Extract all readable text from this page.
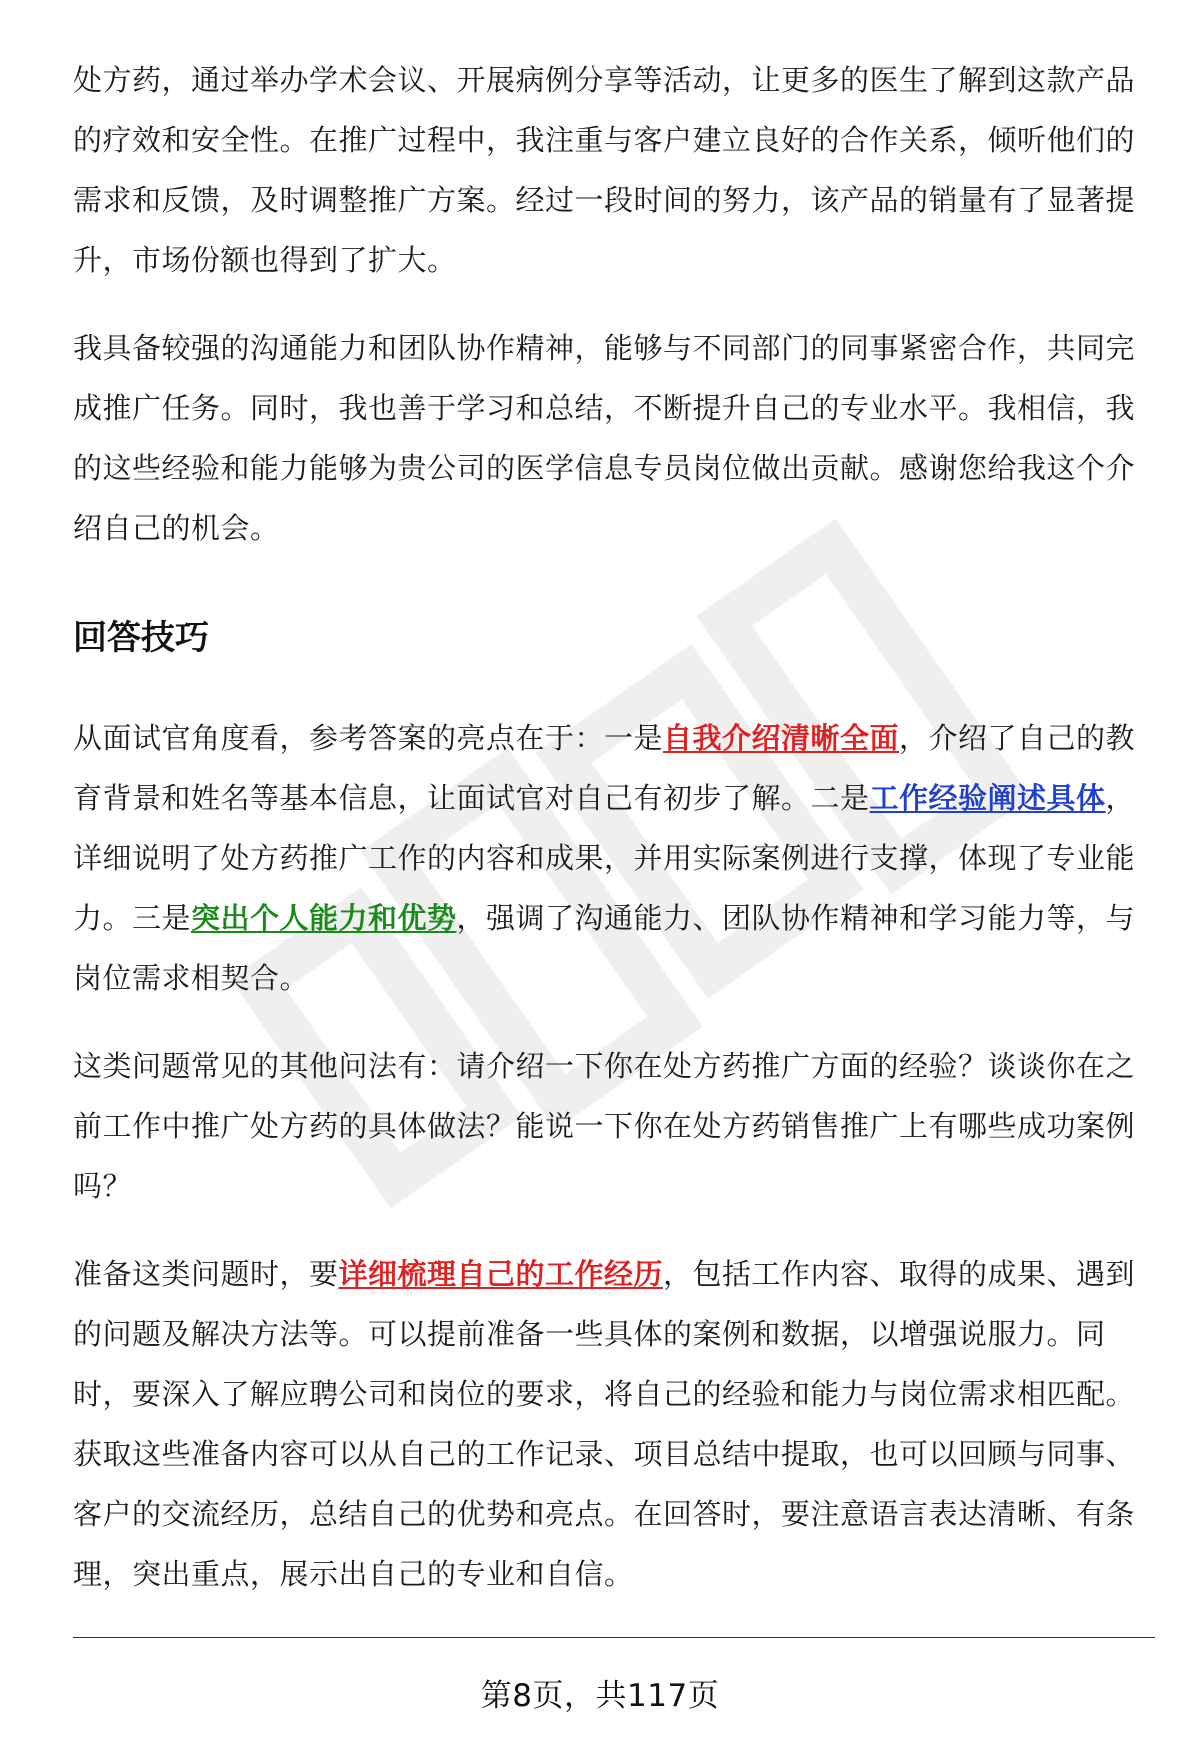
处方药，通过举办学术会议、开展病例分享等活动，让更多的医生了解到这款产品的疗效和安全性。在推广过程中，我注重与客户建立良好的合作关系，倾听他们的需求和反馈，及时调整推广方案。经过一段时间的努力，该产品的销量有了显著提升，市场份额也得到了扩大。

我具备较强的沟通能力和团队协作精神，能够与不同部门的同事紧密合作，共同完成推广任务。同时，我也善于学习和总结，不断提升自己的专业水平。我相信，我的这些经验和能力能够为贵公司的医学信息专员岗位做出贡献。感谢您给我这个介绍自己的机会。

回答技巧

从面试官角度看，参考答案的亮点在于：一是自我介绍清晰全面，介绍了自己的教育背景和姓名等基本信息，让面试官对自己有初步了解。二是工作经验阐述具体，详细说明了处方药推广工作的内容和成果，并用实际案例进行支撑，体现了专业能力。三是突出个人能力和优势，强调了沟通能力、团队协作精神和学习能力等，与岗位需求相契合。

这类问题常见的其他问法有：请介绍一下你在处方药推广方面的经验？谈谈你在之前工作中推广处方药的具体做法？能说一下你在处方药销售推广上有哪些成功案例吗？

准备这类问题时，要详细梳理自己的工作经历，包括工作内容、取得的成果、遇到的问题及解决方法等。可以提前准备一些具体的案例和数据，以增强说服力。同时，要深入了解应聘公司和岗位的要求，将自己的经验和能力与岗位需求相匹配。获取这些准备内容可以从自己的工作记录、项目总结中提取，也可以回顾与同事、客户的交流经历，总结自己的优势和亮点。在回答时，要注意语言表达清晰、有条理，突出重点，展示出自己的专业和自信。

第8页，共117页
